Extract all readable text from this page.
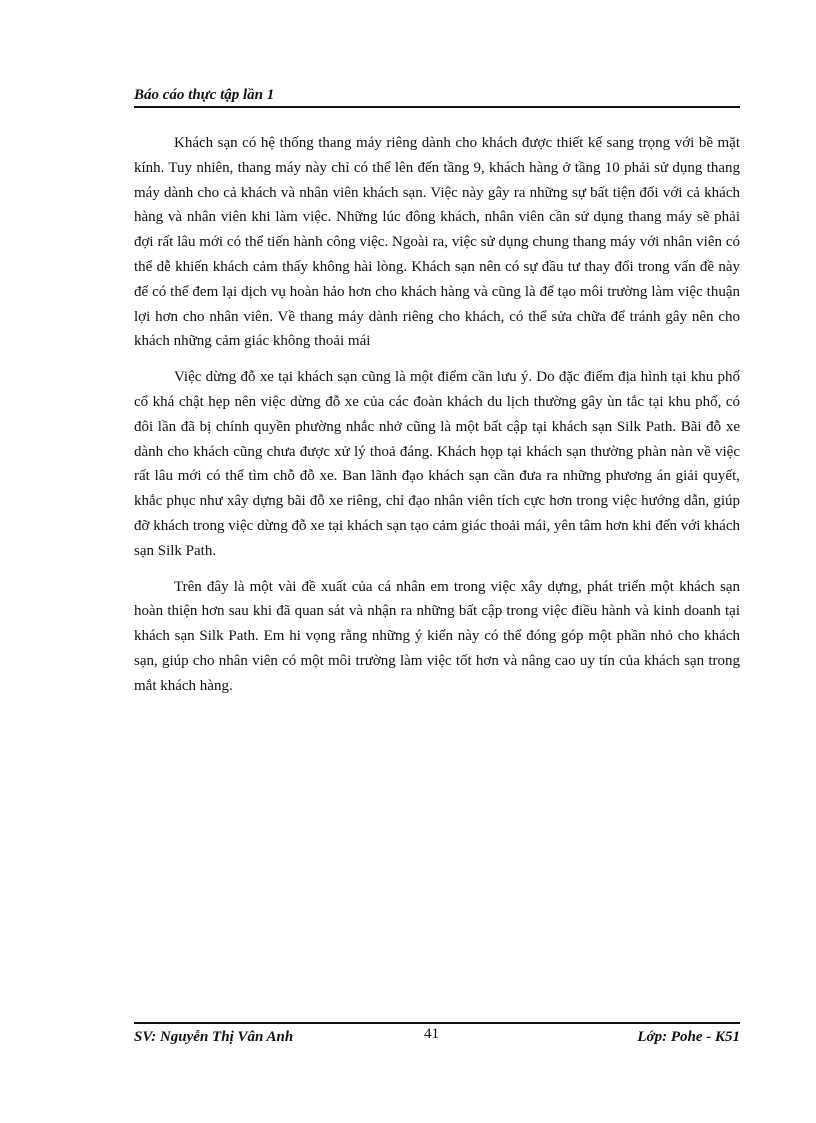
Báo cáo thực tập lần 1

Khách sạn có hệ thống thang máy riêng dành cho khách được thiết kế sang trọng với bề mặt kính. Tuy nhiên, thang máy này chỉ có thể lên đến tầng 9, khách hàng ở tầng 10 phải sử dụng thang máy dành cho cả khách và nhân viên khách sạn. Việc này gây ra những sự bất tiện đối với cả khách hàng và nhân viên khi làm việc. Những lúc đông khách, nhân viên cần sử dụng thang máy sẽ phải đợi rất lâu mới có thể tiến hành công việc. Ngoài ra, việc sử dụng chung thang máy với nhân viên có thể dễ khiến khách cảm thấy không hài lòng. Khách sạn nên có sự đầu tư thay đổi trong vấn đề này để có thể đem lại dịch vụ hoàn hảo hơn cho khách hàng và cũng là để tạo môi trường làm việc thuận lợi hơn cho nhân viên. Về thang máy dành riêng cho khách, có thể sửa chữa để tránh gây nên cho khách những cảm giác không thoải mái

Việc dừng đỗ xe tại khách sạn cũng là một điểm cần lưu ý. Do đặc điểm địa hình tại khu phố cổ khá chật hẹp nên việc dừng đỗ xe của các đoàn khách du lịch thường gây ùn tắc tại khu phố, có đôi lần đã bị chính quyền phường nhắc nhở cũng là một bất cập tại khách sạn Silk Path. Bãi đỗ xe dành cho khách cũng chưa được xử lý thoả đáng. Khách họp tại khách sạn thường phàn nàn về việc rất lâu mới có thể tìm chỗ đỗ xe. Ban lãnh đạo khách sạn cần đưa ra những phương án giải quyết, khắc phục như xây dựng bãi đỗ xe riêng, chỉ đạo nhân viên tích cực hơn trong việc hướng dẫn, giúp đỡ khách trong việc dừng đỗ xe tại khách sạn tạo cảm giác thoải mái, yên tâm hơn khi đến với khách sạn Silk Path.

Trên đây là một vài đề xuất của cá nhân em trong việc xây dựng, phát triển một khách sạn hoàn thiện hơn sau khi đã quan sát và nhận ra những bất cập trong việc điều hành và kinh doanh tại khách sạn Silk Path. Em hi vọng rằng những ý kiến này có thể đóng góp một phần nhỏ cho khách sạn, giúp cho nhân viên có một môi trường làm việc tốt hơn và nâng cao uy tín của khách sạn trong mắt khách hàng.

SV: Nguyễn Thị Vân Anh	41	Lớp: Pohe - K51
